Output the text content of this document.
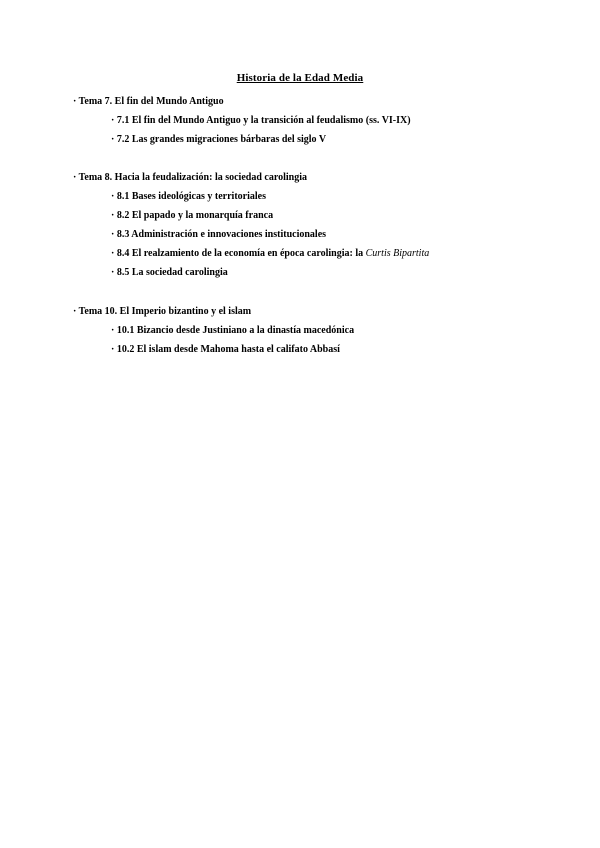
Historia de la Edad Media
· Tema 7. El fin del Mundo Antiguo
· 7.1 El fin del Mundo Antiguo y la transición al feudalismo (ss. VI-IX)
· 7.2 Las grandes migraciones bárbaras del siglo V
· Tema 8. Hacia la feudalización: la sociedad carolingia
· 8.1 Bases ideológicas y territoriales
· 8.2 El papado y la monarquía franca
· 8.3 Administración e innovaciones institucionales
· 8.4 El realzamiento de la economía en época carolingia: la Curtis Bipartita
· 8.5 La sociedad carolingia
· Tema 10. El Imperio bizantino y el islam
· 10.1 Bizancio desde Justiniano a la dinastía macedónica
· 10.2 El islam desde Mahoma hasta el califato Abbasí
